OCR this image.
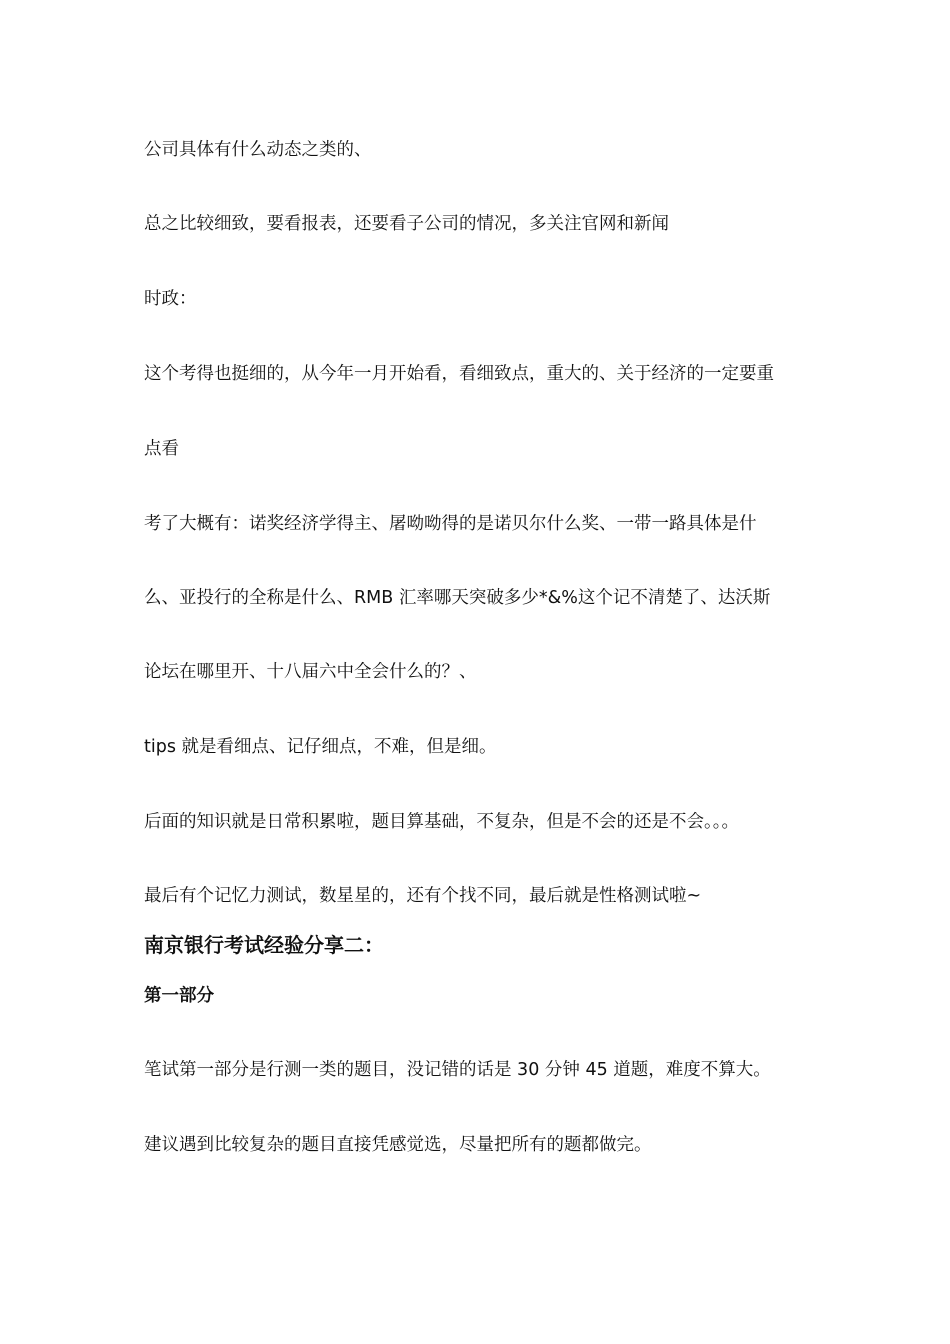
公司具体有什么动态之类的、
总之比较细致，要看报表，还要看子公司的情况，多关注官网和新闻
时政：
这个考得也挺细的，从今年一月开始看，看细致点，重大的、关于经济的一定要重
点看
考了大概有：诺奖经济学得主、屠呦呦得的是诺贝尔什么奖、一带一路具体是什
么、亚投行的全称是什么、RMB 汇率哪天突破多少*&%这个记不清楚了、达沃斯
论坛在哪里开、十八届六中全会什么的？、
tips 就是看细点、记仔细点，不难，但是细。
后面的知识就是日常积累啦，题目算基础，不复杂，但是不会的还是不会。。。
最后有个记忆力测试，数星星的，还有个找不同，最后就是性格测试啦~
南京银行考试经验分享二：
第一部分
笔试第一部分是行测一类的题目，没记错的话是 30 分钟 45 道题，难度不算大。
建议遇到比较复杂的题目直接凭感觉选，尽量把所有的题都做完。
